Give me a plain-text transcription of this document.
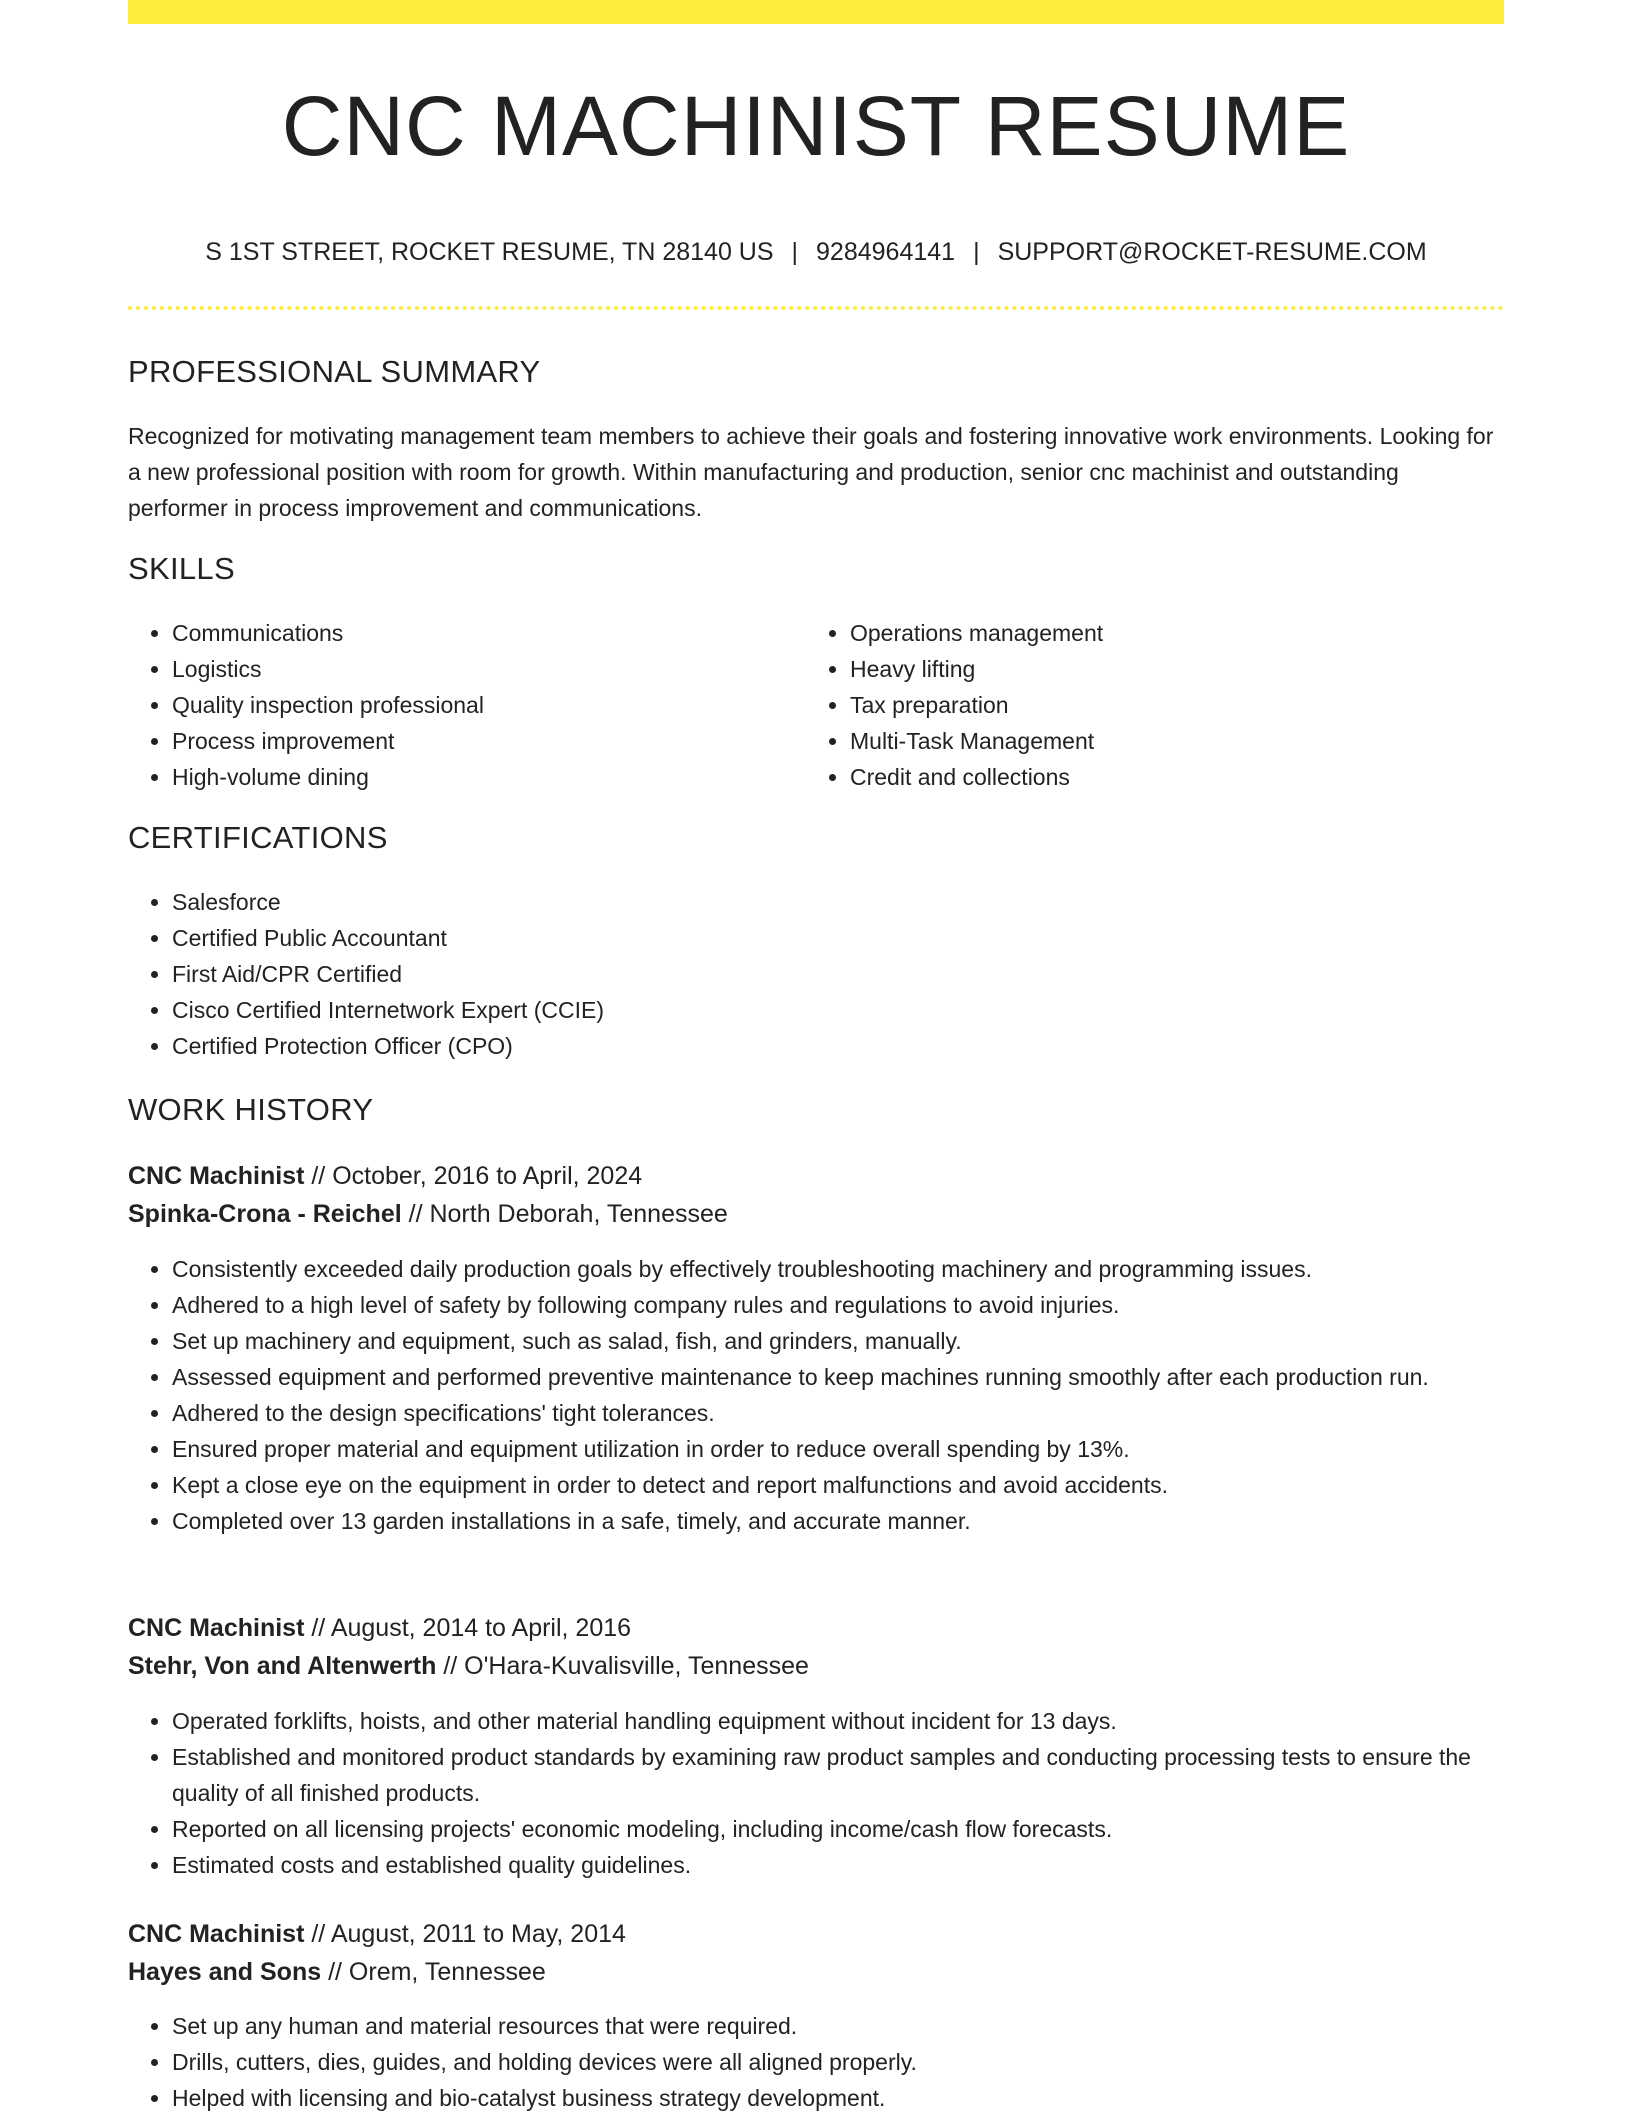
CNC MACHINIST RESUME
S 1ST STREET, ROCKET RESUME, TN 28140 US | 9284964141 | SUPPORT@ROCKET-RESUME.COM
PROFESSIONAL SUMMARY
Recognized for motivating management team members to achieve their goals and fostering innovative work environments. Looking for a new professional position with room for growth. Within manufacturing and production, senior cnc machinist and outstanding performer in process improvement and communications.
SKILLS
• Communications
• Logistics
• Quality inspection professional
• Process improvement
• High-volume dining
• Operations management
• Heavy lifting
• Tax preparation
• Multi-Task Management
• Credit and collections
CERTIFICATIONS
• Salesforce
• Certified Public Accountant
• First Aid/CPR Certified
• Cisco Certified Internetwork Expert (CCIE)
• Certified Protection Officer (CPO)
WORK HISTORY
CNC Machinist // October, 2016 to April, 2024
Spinka-Crona - Reichel // North Deborah, Tennessee
• Consistently exceeded daily production goals by effectively troubleshooting machinery and programming issues.
• Adhered to a high level of safety by following company rules and regulations to avoid injuries.
• Set up machinery and equipment, such as salad, fish, and grinders, manually.
• Assessed equipment and performed preventive maintenance to keep machines running smoothly after each production run.
• Adhered to the design specifications' tight tolerances.
• Ensured proper material and equipment utilization in order to reduce overall spending by 13%.
• Kept a close eye on the equipment in order to detect and report malfunctions and avoid accidents.
• Completed over 13 garden installations in a safe, timely, and accurate manner.
CNC Machinist // August, 2014 to April, 2016
Stehr, Von and Altenwerth // O'Hara-Kuvalisville, Tennessee
• Operated forklifts, hoists, and other material handling equipment without incident for 13 days.
• Established and monitored product standards by examining raw product samples and conducting processing tests to ensure the quality of all finished products.
• Reported on all licensing projects' economic modeling, including income/cash flow forecasts.
• Estimated costs and established quality guidelines.
CNC Machinist // August, 2011 to May, 2014
Hayes and Sons // Orem, Tennessee
• Set up any human and material resources that were required.
• Drills, cutters, dies, guides, and holding devices were all aligned properly.
• Helped with licensing and bio-catalyst business strategy development.
